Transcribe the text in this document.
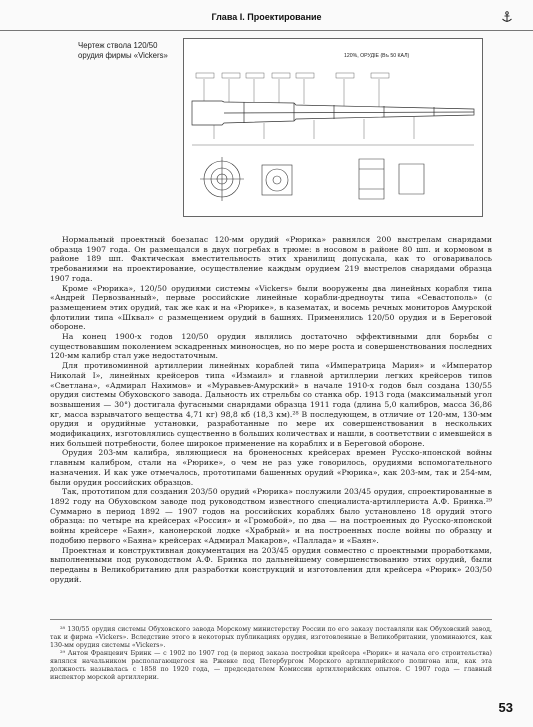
Глава I. Проектирование
Чертеж ствола 120/50 орудия фирмы «Vickers»	120%, ОРУДІЕ (Въ 50 КАЛ)

Нормальный проектный боезапас 120-мм орудий «Рюрика» равнялся 200 выстрелам снарядами образца 1907 года. Он размещался в двух погребах в трюме: в носовом в районе 80 шп. и кормовом в районе 189 шп. Фактическая вместительность этих хранилищ допускала, как то оговаривалось требованиями на проектирование, осуществление каждым орудием 219 выстрелов снарядами образца 1907 года.

Кроме «Рюрика», 120/50 орудиями системы «Vickers» были вооружены два линейных корабля типа «Андрей Первозванный», первые российские линейные корабли-дредноуты типа «Севастополь» (с размещением этих орудий, так же как и на «Рюрике», в казематах, и восемь речных мониторов Амурской флотилии типа «Шквал» с размещением орудий в башнях. Применялись 120/50 орудия и в Береговой обороне.

На конец 1900-х годов 120/50 орудия являлись достаточно эффективными для борьбы с существовавшим поколением эскадренных миноносцев, но по мере роста и совершенствования последних 120-мм калибр стал уже недостаточным.

Для противоминной артиллерии линейных кораблей типа «Императрица Мария» и «Император Николай I», линейных крейсеров типа «Измаил» и главной артиллерии легких крейсеров типов «Светлана», «Адмирал Нахимов» и «Муравьев-Амурский» в начале 1910-х годов был создана 130/55 орудия системы Обуховского завода. Дальность их стрельбы со станка обр. 1913 года (максимальный угол возвышения — 30°) достигала фугасными снарядами образца 1911 года (длина 5,0 калибров, масса 36,86 кг, масса взрывчатого вещества 4,71 кг) 98,8 кб (18,3 км).²⁸ В последующем, в отличие от 120-мм, 130-мм орудия и орудийные установки, разработанные по мере их совершенствования в нескольких модификациях, изготовлялись существенно в больших количествах и нашли, в соответствии с имевшейся в них большей потребности, более широкое применение на кораблях и в Береговой обороне.

Орудия 203-мм калибра, являющиеся на броненосных крейсерах времен Русско-японской войны главным калибром, стали на «Рюрике», о чем не раз уже говорилось, орудиями вспомогательного назначения. И как уже отмечалось, прототипами башенных орудий «Рюрика», как 203-мм, так и 254-мм, были орудия российских образцов.

Так, прототипом для создания 203/50 орудий «Рюрика» послужили 203/45 орудия, спроектированные в 1892 году на Обуховском заводе под руководством известного специалиста-артиллериста А.Ф. Бринка.²⁹ Суммарно в период 1892 — 1907 годов на российских кораблях было установлено 18 орудий этого образца: по четыре на крейсерах «Россия» и «Громобой», по два — на построенных до Русско-японской войны крейсере «Баян», канонерской лодке «Храбрый» и на построенных после войны по образцу и подобию первого «Баяна» крейсерах «Адмирал Макаров», «Паллада» и «Баян».

Проектная и конструктивная документация на 203/45 орудия совместно с проектными проработками, выполненными под руководством А.Ф. Бринка по дальнейшему совершенствованию этих орудий, были переданы в Великобританию для разработки конструкций и изготовления для крейсера «Рюрик» 203/50 орудий.

²⁸ 130/55 орудия системы Обуховского завода Морскому министерству России по его заказу поставляли как Обуховский завод, так и фирма «Vickers». Вследствие этого в некоторых публикациях орудия, изготовленные в Великобритании, упоминаются, как 130-мм орудия системы «Vickers».

²⁹ Антон Францевич Бринк — с 1902 по 1907 год (в период заказа постройки крейсера «Рюрик» и начала его строительства) являлся начальником располагающегося на Ржевке под Петербургом Морского артиллерийского полигона или, как эта должность называлась с 1858 по 1920 года, — председателем Комиссии артиллерийских опытов. С 1907 года — главный инспектор морской артиллерии.

53
